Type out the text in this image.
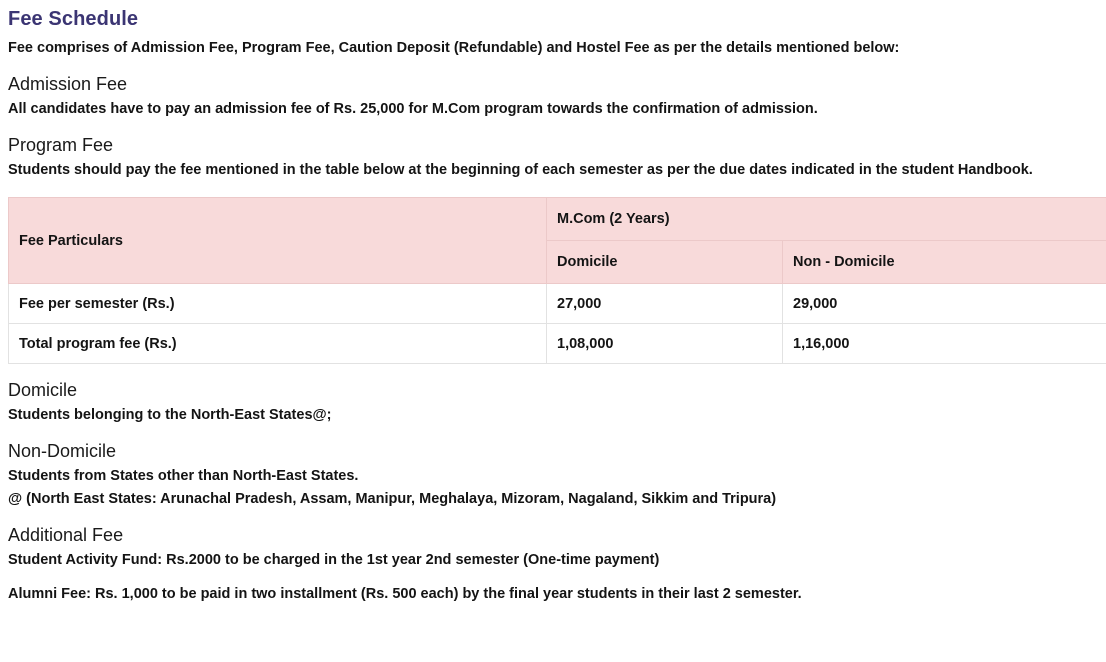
Fee Schedule

Fee comprises of Admission Fee, Program Fee, Caution Deposit (Refundable) and Hostel Fee as per the details mentioned below:

Admission Fee

All candidates have to pay an admission fee of Rs. 25,000 for M.Com program towards the confirmation of admission.

Program Fee

Students should pay the fee mentioned in the table below at the beginning of each semester as per the due dates indicated in the student Handbook.

Fee Particulars	M.Com (2 Years)	
	Domicile	Non - Domicile
Fee per semester (Rs.)	27,000	29,000
Total program fee (Rs.)	1,08,000	1,16,000
Domicile

Students belonging to the North-East States@;

Non-Domicile

Students from States other than North-East States.

@ (North East States: Arunachal Pradesh, Assam, Manipur, Meghalaya, Mizoram, Nagaland, Sikkim and Tripura)

Additional Fee

Student Activity Fund: Rs.2000 to be charged in the 1st year 2nd semester (One-time payment)

Alumni Fee: Rs. 1,000 to be paid in two installment (Rs. 500 each) by the final year students in their last 2 semester.
